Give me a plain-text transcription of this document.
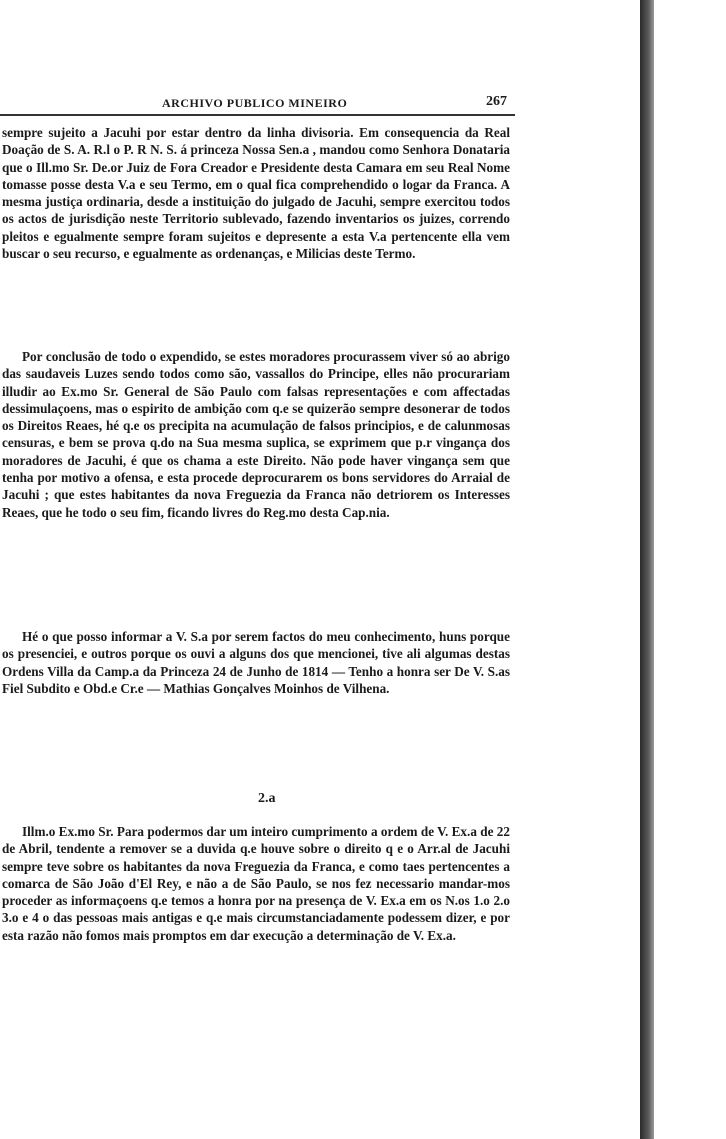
ARCHIVO PUBLICO MINEIRO	267

sempre sujeito a Jacuhi por estar dentro da linha divisoria. Em consequencia da Real Doação de S. A. R.l o P. R N. S. á princeza Nossa Sen.a , mandou como Senhora Donataria que o Ill.mo Sr. De.or Juiz de Fora Creador e Presidente desta Camara em seu Real Nome tomasse posse desta V.a e seu Termo, em o qual fica comprehendido o logar da Franca. A mesma justiça ordinaria, desde a instituição do julgado de Jacuhi, sempre exercitou todos os actos de jurisdição neste Territorio sublevado, fazendo inventarios os juizes, correndo pleitos e egualmente sempre foram sujeitos e depresente a esta V.a pertencente ella vem buscar o seu recurso, e egualmente as ordenanças, e Milicias deste Termo.

Por conclusão de todo o expendido, se estes moradores procurassem viver só ao abrigo das saudaveis Luzes sendo todos como são, vassallos do Principe, elles não procurariam illudir ao Ex.mo Sr. General de São Paulo com falsas representações e com affectadas dessimulaçoens, mas o espirito de ambição com q.e se quizerão sempre desonerar de todos os Direitos Reaes, hé q.e os precipita na acumulação de falsos principios, e de calunmosas censuras, e bem se prova q.do na Sua mesma suplica, se exprimem que p.r vingança dos moradores de Jacuhi, é que os chama a este Direito. Não pode haver vingança sem que tenha por motivo a ofensa, e esta procede deprocurarem os bons servidores do Arraial de Jacuhi ; que estes habitantes da nova Freguezia da Franca não detriorem os Interesses Reaes, que he todo o seu fim, ficando livres do Reg.mo desta Cap.nia.

Hé o que posso informar a V. S.a por serem factos do meu conhecimento, huns porque os presenciei, e outros porque os ouvi a alguns dos que mencionei, tive ali algumas destas Ordens Villa da Camp.a da Princeza 24 de Junho de 1814 — Tenho a honra ser De V. S.as Fiel Subdito e Obd.e Cr.e — Mathias Gonçalves Moinhos de Vilhena.

2.a

Illm.o Ex.mo Sr. Para podermos dar um inteiro cumprimento a ordem de V. Ex.a de 22 de Abril, tendente a remover se a duvida q.e houve sobre o direito q e o Arr.al de Jacuhi sempre teve sobre os habitantes da nova Freguezia da Franca, e como taes pertencentes a comarca de São João d'El Rey, e não a de São Paulo, se nos fez necessario mandar-mos proceder as informaçoens q.e temos a honra por na presença de V. Ex.a em os N.os 1.o 2.o 3.o e 4 o das pessoas mais antigas e q.e mais circumstanciadamente podessem dizer, e por esta razão não fomos mais promptos em dar execução a determinação de V. Ex.a.
